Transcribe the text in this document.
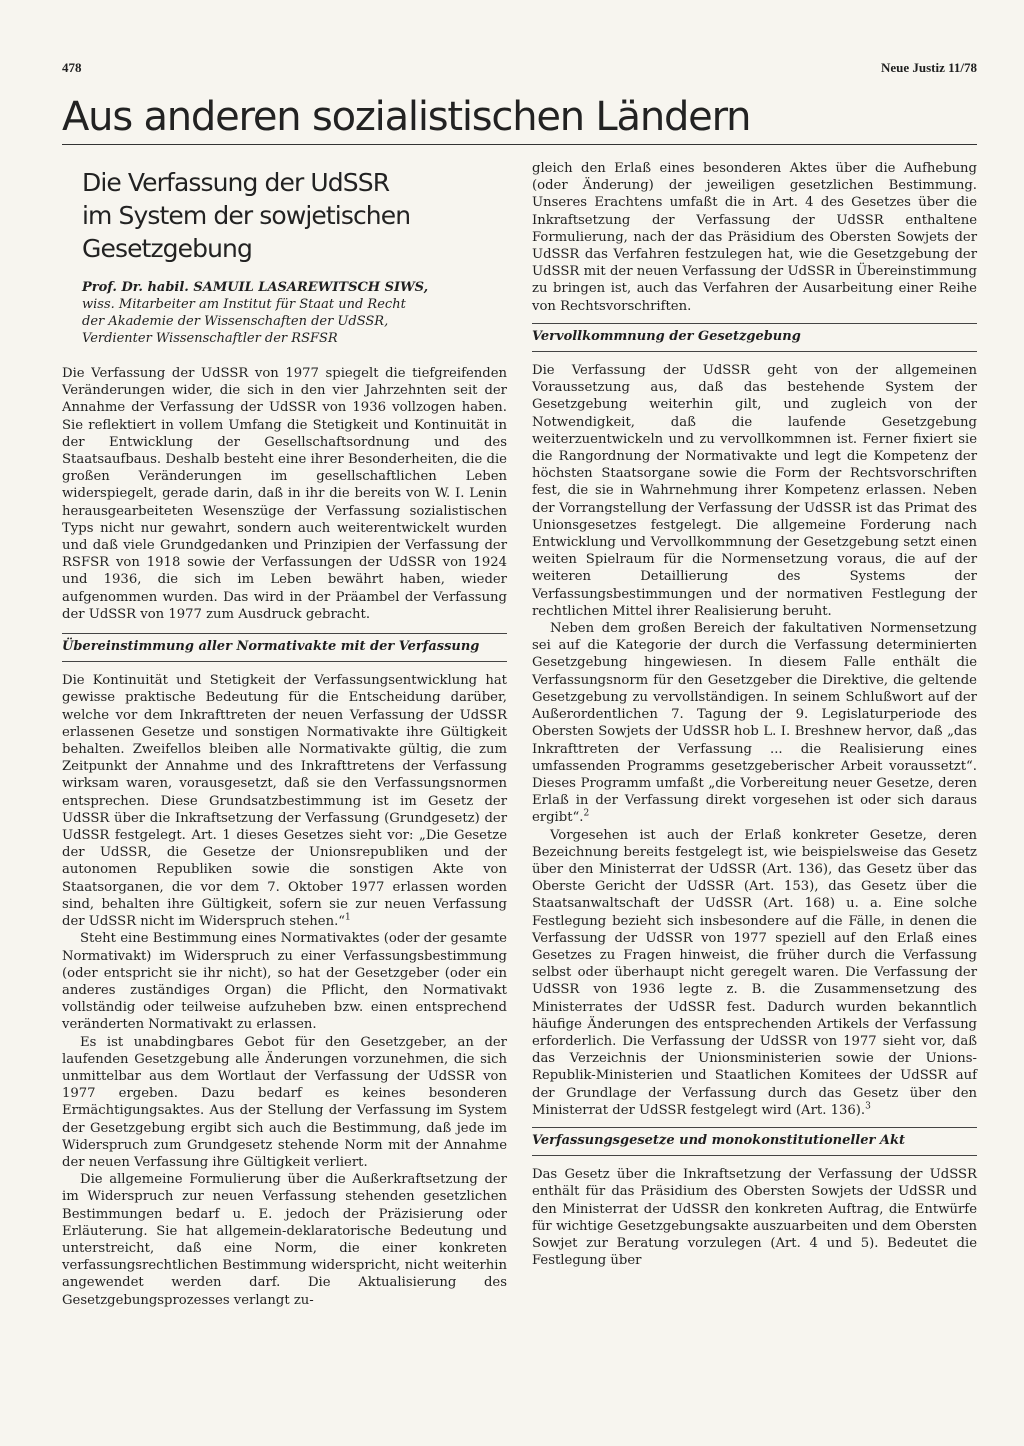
478	Neue Justiz 11/78
Aus anderen sozialistischen Ländern
Die Verfassung der UdSSR
im System der sowjetischen Gesetzgebung
Prof. Dr. habil. SAMUIL LASAREWITSCH SIWS,
wiss. Mitarbeiter am Institut für Staat und Recht
der Akademie der Wissenschaften der UdSSR,
Verdienter Wissenschaftler der RSFSR

Die Verfassung der UdSSR von 1977 spiegelt die tiefgreifenden Veränderungen wider, die sich in den vier Jahrzehnten seit der Annahme der Verfassung der UdSSR von 1936 vollzogen haben. Sie reflektiert in vollem Umfang die Stetigkeit und Kontinuität in der Entwicklung der Gesellschaftsordnung und des Staatsaufbaus. Deshalb besteht eine ihrer Besonderheiten, die die großen Veränderungen im gesellschaftlichen Leben widerspiegelt, gerade darin, daß in ihr die bereits von W. I. Lenin herausgearbeiteten Wesenszüge der Verfassung sozialistischen Typs nicht nur gewahrt, sondern auch weiterentwickelt wurden und daß viele Grundgedanken und Prinzipien der Verfassung der RSFSR von 1918 sowie der Verfassungen der UdSSR von 1924 und 1936, die sich im Leben bewährt haben, wieder aufgenommen wurden. Das wird in der Präambel der Verfassung der UdSSR von 1977 zum Ausdruck gebracht.

Übereinstimmung aller Normativakte mit der Verfassung

Die Kontinuität und Stetigkeit der Verfassungsentwicklung hat gewisse praktische Bedeutung für die Entscheidung darüber, welche vor dem Inkrafttreten der neuen Verfassung der UdSSR erlassenen Gesetze und sonstigen Normativakte ihre Gültigkeit behalten. Zweifellos bleiben alle Normativakte gültig, die zum Zeitpunkt der Annahme und des Inkrafttretens der Verfassung wirksam waren, vorausgesetzt, daß sie den Verfassungsnormen entsprechen. Diese Grundsatzbestimmung ist im Gesetz der UdSSR über die Inkraftsetzung der Verfassung (Grundgesetz) der UdSSR festgelegt. Art. 1 dieses Gesetzes sieht vor: „Die Gesetze der UdSSR, die Gesetze der Unionsrepubliken und der autonomen Republiken sowie die sonstigen Akte von Staatsorganen, die vor dem 7. Oktober 1977 erlassen worden sind, behalten ihre Gültigkeit, sofern sie zur neuen Verfassung der UdSSR nicht im Widerspruch stehen.“$^1$

Steht eine Bestimmung eines Normativaktes (oder der gesamte Normativakt) im Widerspruch zu einer Verfassungsbestimmung (oder entspricht sie ihr nicht), so hat der Gesetzgeber (oder ein anderes zuständiges Organ) die Pflicht, den Normativakt vollständig oder teilweise aufzuheben bzw. einen entsprechend veränderten Normativakt zu erlassen.

Es ist unabdingbares Gebot für den Gesetzgeber, an der laufenden Gesetzgebung alle Änderungen vorzunehmen, die sich unmittelbar aus dem Wortlaut der Verfassung der UdSSR von 1977 ergeben. Dazu bedarf es keines besonderen Ermächtigungsaktes. Aus der Stellung der Verfassung im System der Gesetzgebung ergibt sich auch die Bestimmung, daß jede im Widerspruch zum Grundgesetz stehende Norm mit der Annahme der neuen Verfassung ihre Gültigkeit verliert.

Die allgemeine Formulierung über die Außerkraftsetzung der im Widerspruch zur neuen Verfassung stehenden gesetzlichen Bestimmungen bedarf u. E. jedoch der Präzisierung oder Erläuterung. Sie hat allgemein-deklaratorische Bedeutung und unterstreicht, daß eine Norm, die einer konkreten verfassungsrechtlichen Bestimmung widerspricht, nicht weiterhin angewendet werden darf. Die Aktualisierung des Gesetzgebungsprozesses verlangt zu-

gleich den Erlaß eines besonderen Aktes über die Aufhebung (oder Änderung) der jeweiligen gesetzlichen Bestimmung. Unseres Erachtens umfaßt die in Art. 4 des Gesetzes über die Inkraftsetzung der Verfassung der UdSSR enthaltene Formulierung, nach der das Präsidium des Obersten Sowjets der UdSSR das Verfahren festzulegen hat, wie die Gesetzgebung der UdSSR mit der neuen Verfassung der UdSSR in Übereinstimmung zu bringen ist, auch das Verfahren der Ausarbeitung einer Reihe von Rechtsvorschriften.

Vervollkommnung der Gesetzgebung

Die Verfassung der UdSSR geht von der allgemeinen Voraussetzung aus, daß das bestehende System der Gesetzgebung weiterhin gilt, und zugleich von der Notwendigkeit, daß die laufende Gesetzgebung weiterzuentwickeln und zu vervollkommnen ist. Ferner fixiert sie die Rangordnung der Normativakte und legt die Kompetenz der höchsten Staatsorgane sowie die Form der Rechtsvorschriften fest, die sie in Wahrnehmung ihrer Kompetenz erlassen. Neben der Vorrangstellung der Verfassung der UdSSR ist das Primat des Unionsgesetzes festgelegt. Die allgemeine Forderung nach Entwicklung und Vervollkommnung der Gesetzgebung setzt einen weiten Spielraum für die Normensetzung voraus, die auf der weiteren Detaillierung des Systems der Verfassungsbestimmungen und der normativen Festlegung der rechtlichen Mittel ihrer Realisierung beruht.

Neben dem großen Bereich der fakultativen Normensetzung sei auf die Kategorie der durch die Verfassung determinierten Gesetzgebung hingewiesen. In diesem Falle enthält die Verfassungsnorm für den Gesetzgeber die Direktive, die geltende Gesetzgebung zu vervollständigen. In seinem Schlußwort auf der Außerordentlichen 7. Tagung der 9. Legislaturperiode des Obersten Sowjets der UdSSR hob L. I. Breshnew hervor, daß „das Inkrafttreten der Verfassung ... die Realisierung eines umfassenden Programms gesetzgeberischer Arbeit voraussetzt“. Dieses Programm umfaßt „die Vorbereitung neuer Gesetze, deren Erlaß in der Verfassung direkt vorgesehen ist oder sich daraus ergibt“.$^2$

Vorgesehen ist auch der Erlaß konkreter Gesetze, deren Bezeichnung bereits festgelegt ist, wie beispielsweise das Gesetz über den Ministerrat der UdSSR (Art. 136), das Gesetz über das Oberste Gericht der UdSSR (Art. 153), das Gesetz über die Staatsanwaltschaft der UdSSR (Art. 168) u. a. Eine solche Festlegung bezieht sich insbesondere auf die Fälle, in denen die Verfassung der UdSSR von 1977 speziell auf den Erlaß eines Gesetzes zu Fragen hinweist, die früher durch die Verfassung selbst oder überhaupt nicht geregelt waren. Die Verfassung der UdSSR von 1936 legte z. B. die Zusammensetzung des Ministerrates der UdSSR fest. Dadurch wurden bekanntlich häufige Änderungen des entsprechenden Artikels der Verfassung erforderlich. Die Verfassung der UdSSR von 1977 sieht vor, daß das Verzeichnis der Unionsministerien sowie der Unions-Republik-Ministerien und Staatlichen Komitees der UdSSR auf der Grundlage der Verfassung durch das Gesetz über den Ministerrat der UdSSR festgelegt wird (Art. 136).$^3$

Verfassungsgesetze und monokonstitutioneller Akt

Das Gesetz über die Inkraftsetzung der Verfassung der UdSSR enthält für das Präsidium des Obersten Sowjets der UdSSR und den Ministerrat der UdSSR den konkreten Auftrag, die Entwürfe für wichtige Gesetzgebungsakte auszuarbeiten und dem Obersten Sowjet zur Beratung vorzulegen (Art. 4 und 5). Bedeutet die Festlegung über
